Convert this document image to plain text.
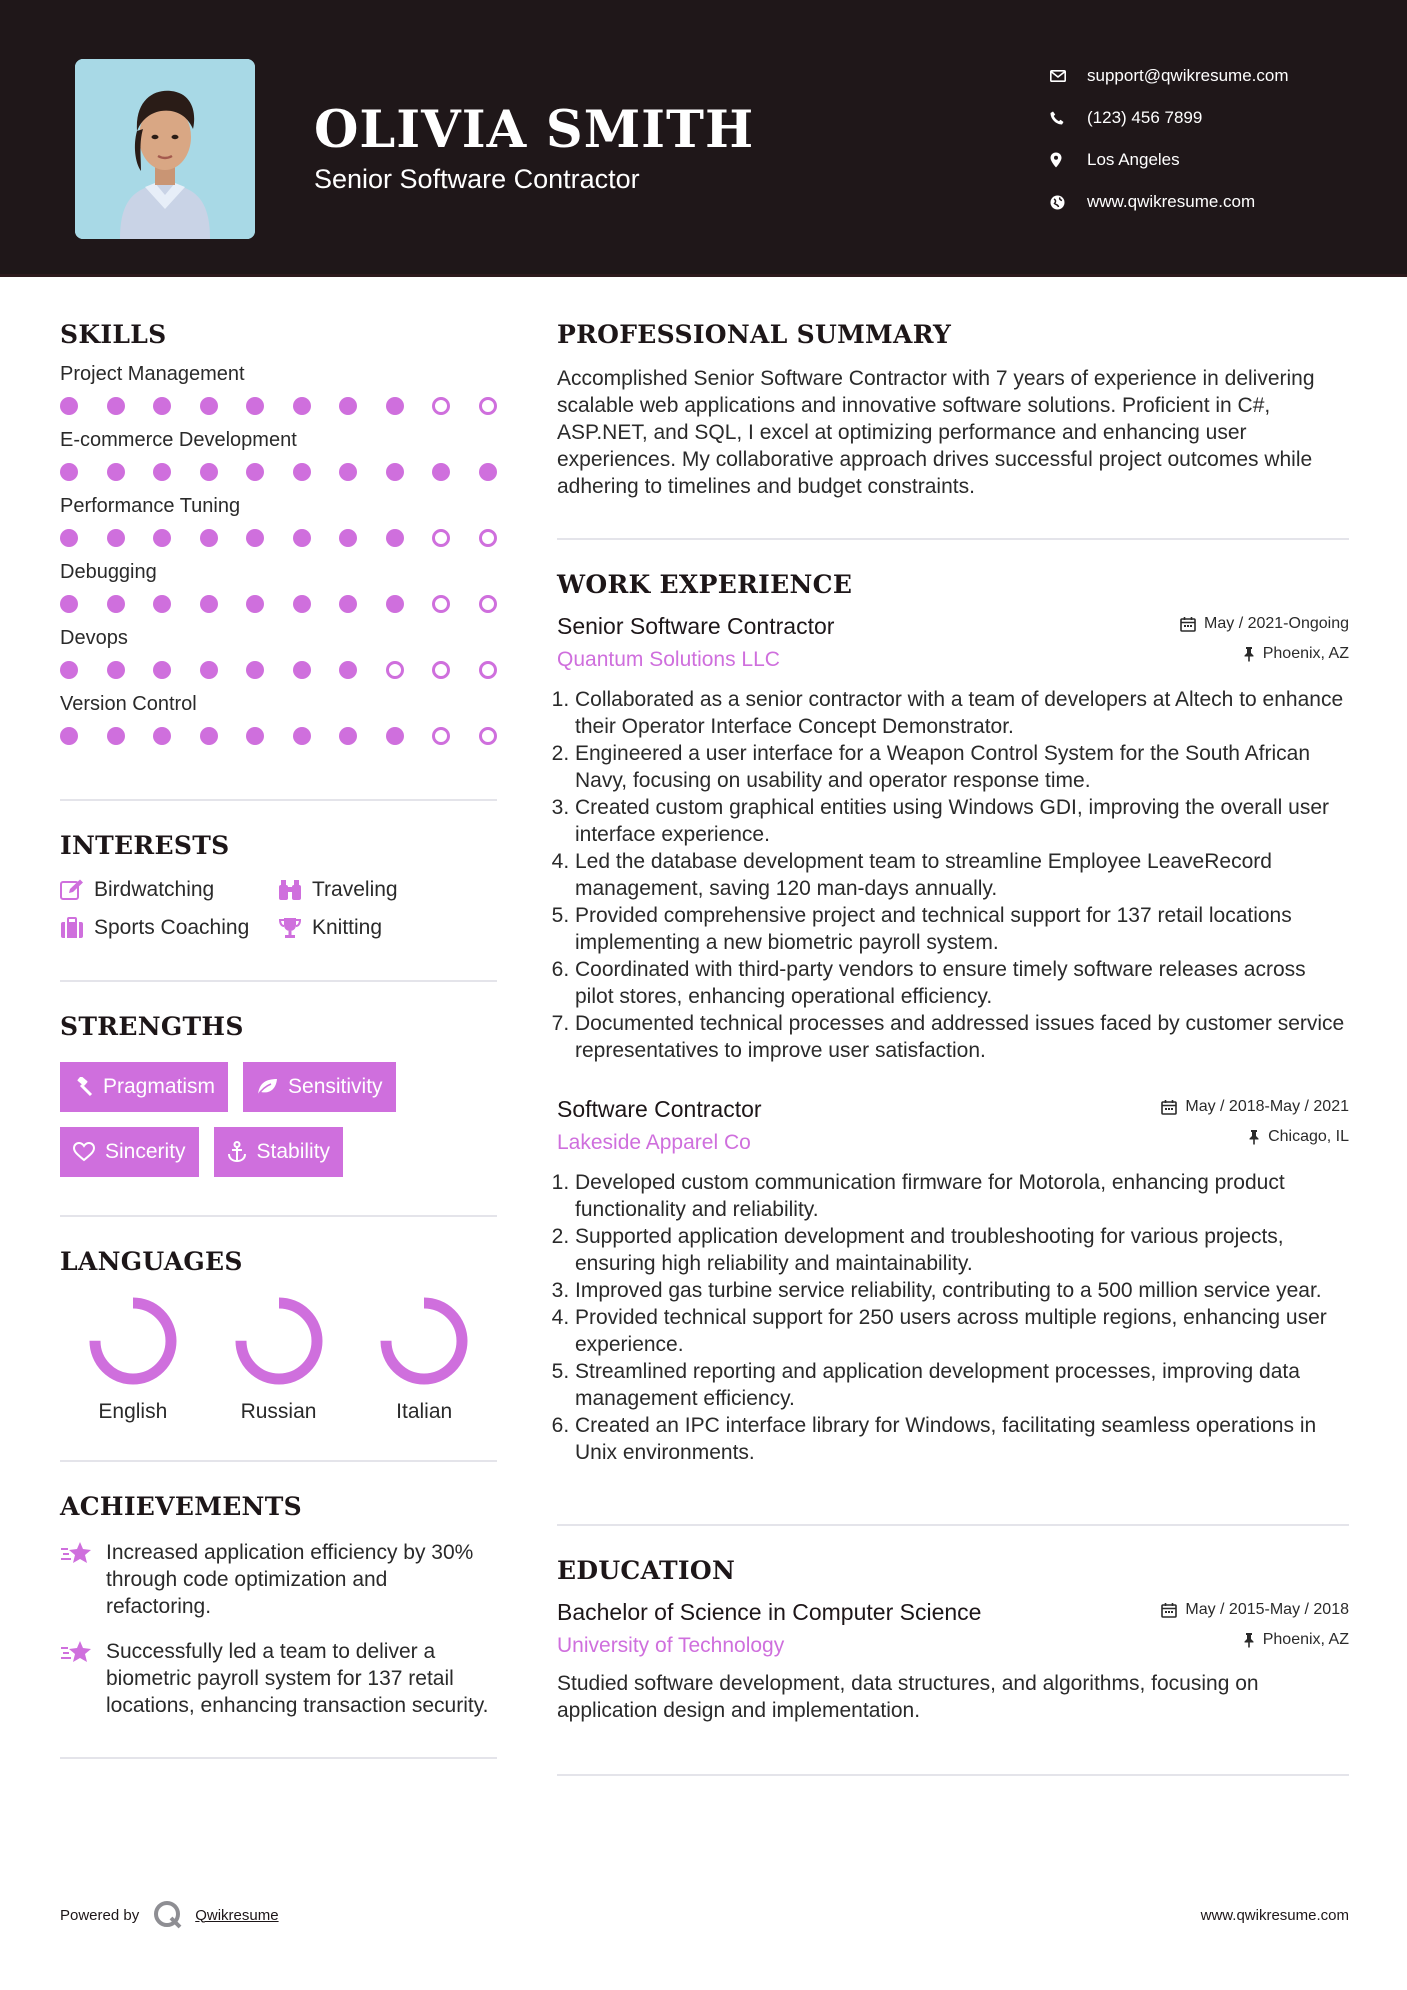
OLIVIA SMITH
Senior Software Contractor
support@qwikresume.com
(123) 456 7899
Los Angeles
www.qwikresume.com
SKILLS
Project Management
E-commerce Development
Performance Tuning
Debugging
Devops
Version Control
INTERESTS
Birdwatching	Traveling
Sports Coaching	Knitting
STRENGTHS
Pragmatism	Sensitivity
Sincerity	Stability
LANGUAGES
English	Russian	Italian
ACHIEVEMENTS
Increased application efficiency by 30% through code optimization and refactoring.
Successfully led a team to deliver a biometric payroll system for 137 retail locations, enhancing transaction security.
PROFESSIONAL SUMMARY
Accomplished Senior Software Contractor with 7 years of experience in delivering scalable web applications and innovative software solutions. Proficient in C#, ASP.NET, and SQL, I excel at optimizing performance and enhancing user experiences. My collaborative approach drives successful project outcomes while adhering to timelines and budget constraints.
WORK EXPERIENCE
Senior Software Contractor
Quantum Solutions LLC
May / 2021-Ongoing
Phoenix, AZ
1. Collaborated as a senior contractor with a team of developers at Altech to enhance their Operator Interface Concept Demonstrator.
2. Engineered a user interface for a Weapon Control System for the South African Navy, focusing on usability and operator response time.
3. Created custom graphical entities using Windows GDI, improving the overall user interface experience.
4. Led the database development team to streamline Employee LeaveRecord management, saving 120 man-days annually.
5. Provided comprehensive project and technical support for 137 retail locations implementing a new biometric payroll system.
6. Coordinated with third-party vendors to ensure timely software releases across pilot stores, enhancing operational efficiency.
7. Documented technical processes and addressed issues faced by customer service representatives to improve user satisfaction.
Software Contractor
Lakeside Apparel Co
May / 2018-May / 2021
Chicago, IL
1. Developed custom communication firmware for Motorola, enhancing product functionality and reliability.
2. Supported application development and troubleshooting for various projects, ensuring high reliability and maintainability.
3. Improved gas turbine service reliability, contributing to a 500 million service year.
4. Provided technical support for 250 users across multiple regions, enhancing user experience.
5. Streamlined reporting and application development processes, improving data management efficiency.
6. Created an IPC interface library for Windows, facilitating seamless operations in Unix environments.
EDUCATION
Bachelor of Science in Computer Science
University of Technology
May / 2015-May / 2018
Phoenix, AZ
Studied software development, data structures, and algorithms, focusing on application design and implementation.
Powered by	Qwikresume	www.qwikresume.com
